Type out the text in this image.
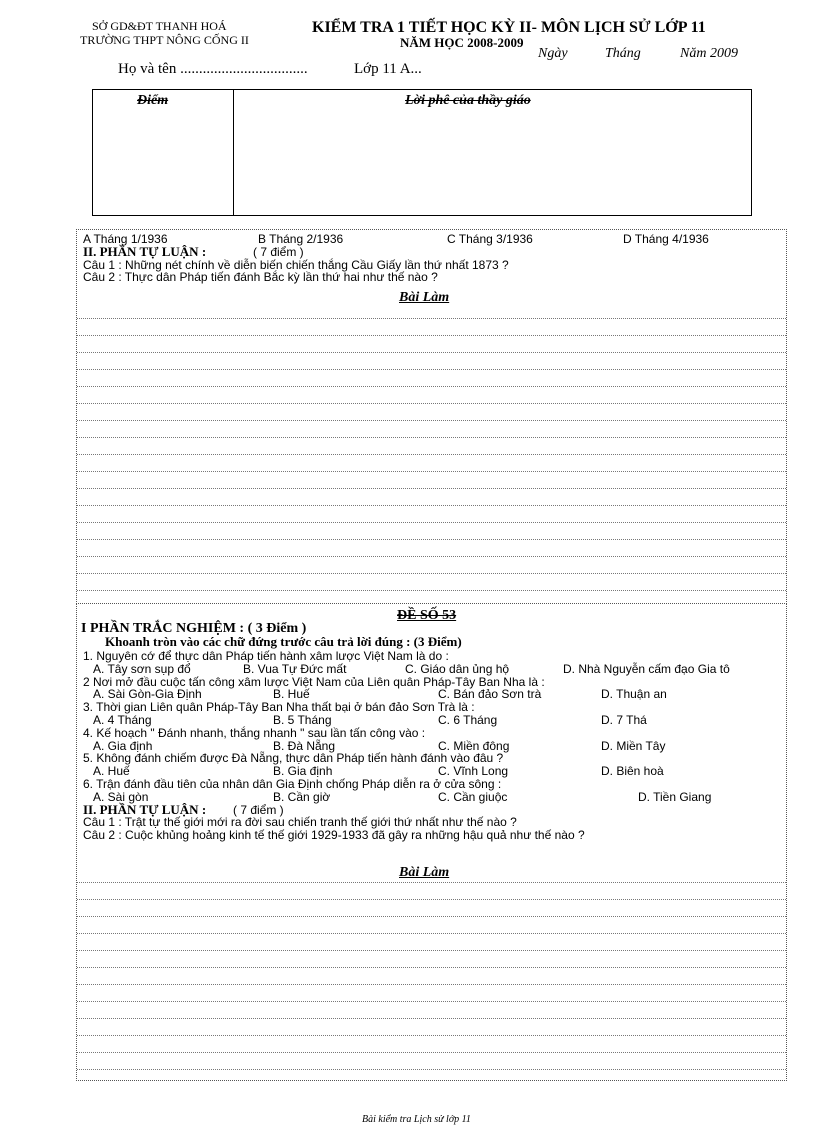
SỞ GD&ĐT THANH HOÁ
TRƯỜNG THPT NÔNG CỐNG II
KIỂM TRA 1 TIẾT HỌC KỲ II- MÔN LỊCH SỬ LỚP 11
NĂM HỌC 2008-2009
Ngày	Tháng	Năm 2009
Họ và tên ..................................	Lớp 11 A...
Điểm	Lời phê của thầy giáo
A Tháng 1/1936	B Tháng 2/1936	C Tháng 3/1936	D Tháng 4/1936
II. PHẦN TỰ LUẬN :	( 7 điểm )
Câu 1 : Những nét chính về diễn biến chiến thắng Cầu Giấy lần thứ nhất 1873 ?
Câu 2 : Thực dân Pháp tiến đánh Bắc kỳ lần thứ hai như thế nào ?
Bài Làm
ĐỀ SỐ 53
I PHẦN TRẮC NGHIỆM : ( 3 Điểm )
Khoanh tròn vào các chữ đứng trước câu trả lời đúng : (3 Điểm)
1. Nguyên cớ để thực dân Pháp tiến hành xâm lược Việt Nam là do :
A. Tây sơn sụp đổ	B. Vua Tự Đức mất	C. Giáo dân ủng hộ	D. Nhà Nguyễn cấm đạo Gia tô
2 Nơi mở đầu cuộc tấn công xâm lược Việt Nam của Liên quân Pháp-Tây Ban Nha là :
A. Sài Gòn-Gia Định	B. Huế	C. Bán đảo Sơn trà	D. Thuận an
3. Thời gian Liên quân Pháp-Tây Ban Nha thất bại ở bán đảo Sơn Trà là :
A. 4 Tháng	B. 5 Tháng	C. 6 Tháng	D. 7 Thá
4. Kế hoạch " Đánh nhanh, thắng nhanh " sau lần tấn công vào :
A. Gia định	B. Đà Nẵng	C. Miền đông	D. Miền Tây
5. Không đánh chiếm được Đà Nẵng, thực dân Pháp tiến hành đánh vào đâu ?
A. Huế	B. Gia định	C. Vĩnh Long	D. Biên hoà
6. Trận đánh đầu tiên của nhân dân Gia Định chống Pháp diễn ra ở cửa sông :
A. Sài gòn	B. Cần giờ	C. Cần giuộc	D. Tiền Giang
II. PHẦN TỰ LUẬN : ( 7 điểm )
Câu 1 : Trật tự thế giới mới ra đời sau chiến tranh thế giới thứ nhất như thế nào ?
Câu 2 : Cuộc khủng hoảng kinh tế thế giới 1929-1933 đã gây ra những hậu quả như thế nào ?
Bài Làm
Bài kiểm tra Lịch sử lớp 11
